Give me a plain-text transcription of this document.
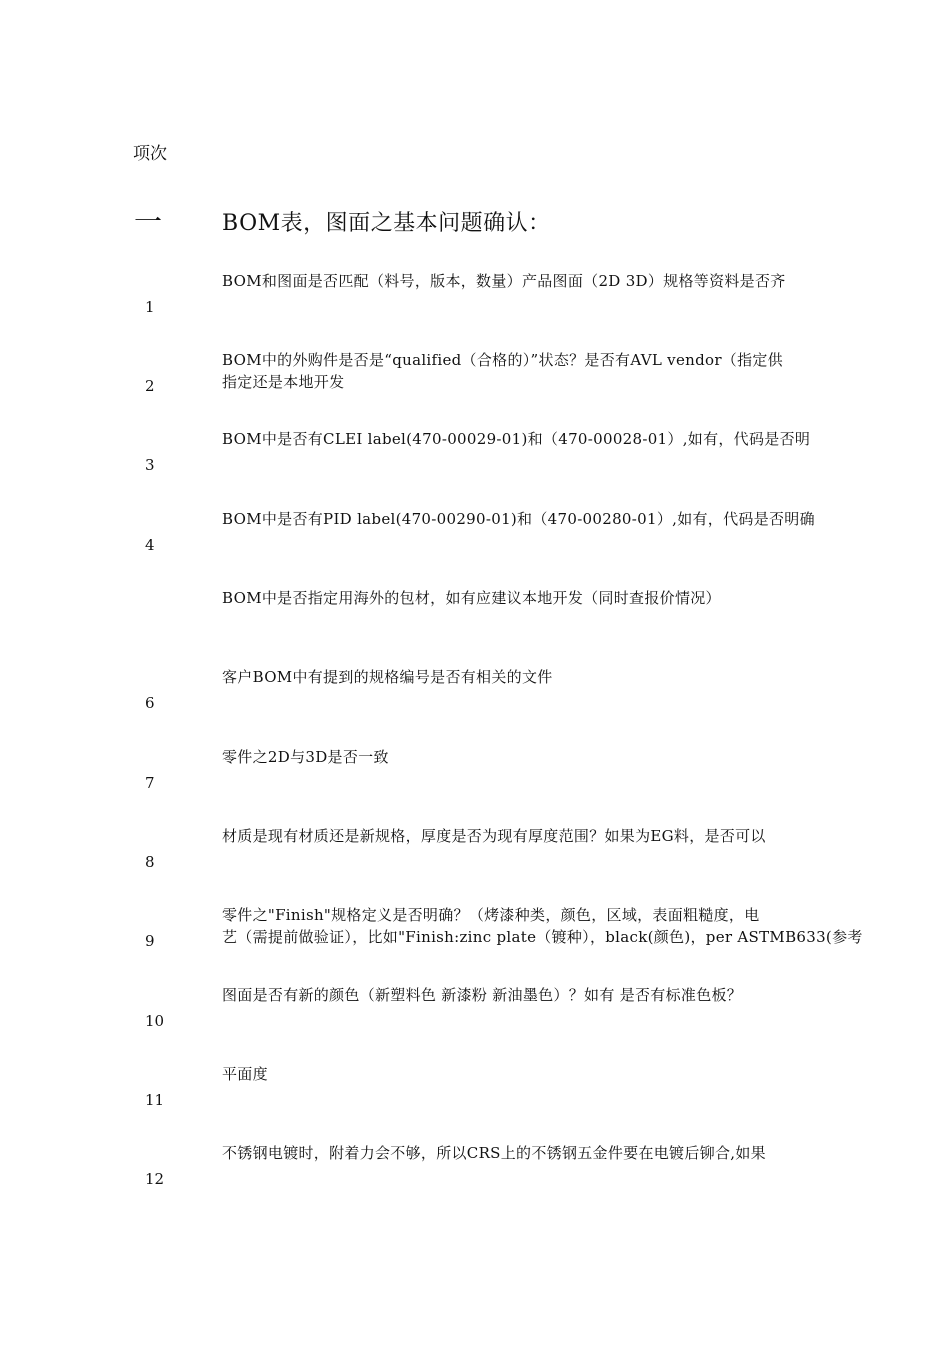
项次
一	BOM表，图面之基本问题确认：
BOM和图面是否匹配（料号，版本，数量）产品图面（2D 3D）规格等资料是否齐
1
BOM中的外购件是否是“qualified（合格的）”状态？是否有AVL vendor（指定供
指定还是本地开发
2
BOM中是否有CLEI label(470-00029-01)和（470-00028-01）,如有，代码是否明
3
BOM中是否有PID label(470-00290-01)和（470-00280-01）,如有，代码是否明确
4
BOM中是否指定用海外的包材，如有应建议本地开发（同时查报价情况）
客户BOM中有提到的规格编号是否有相关的文件
6
零件之2D与3D是否一致
7
材质是现有材质还是新规格，厚度是否为现有厚度范围？如果为EG料，是否可以
8
零件之"Finish"规格定义是否明确？（烤漆种类，颜色，区域，表面粗糙度，电
艺（需提前做验证），比如"Finish:zinc plate（镀种），black(颜色)，per ASTMB633(参考
9
图面是否有新的颜色（新塑料色 新漆粉 新油墨色）？如有 是否有标准色板？
10
平面度
11
不锈钢电镀时，附着力会不够，所以CRS上的不锈钢五金件要在电镀后铆合,如果
12
